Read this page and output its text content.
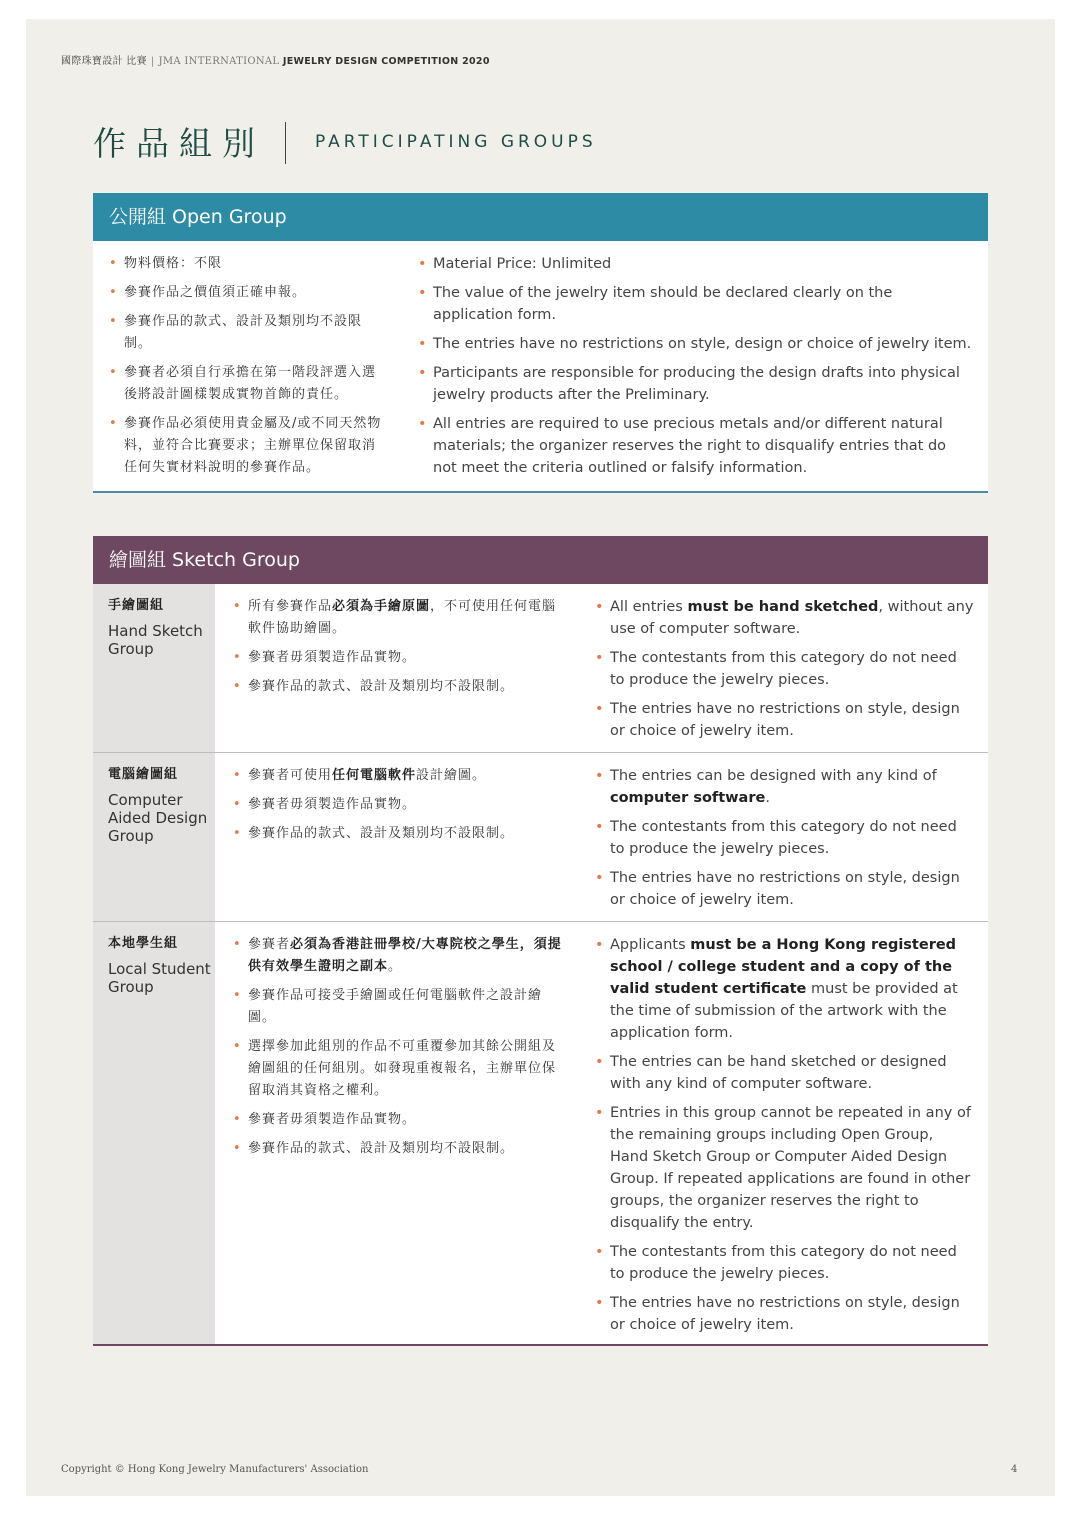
國際珠寶設計 比賽 | JMA INTERNATIONAL JEWELRY DESIGN COMPETITION 2020
作品組別	PARTICIPATING GROUPS
公開組 Open Group
• 物料價格：不限
• 參賽作品之價值須正確申報。
• 參賽作品的款式、設計及類別均不設限制。
• 參賽者必須自行承擔在第一階段評選入選後將設計圖樣製成實物首飾的責任。
• 參賽作品必須使用貴金屬及/或不同天然物料，並符合比賽要求；主辦單位保留取消任何失實材料說明的參賽作品。
• Material Price: Unlimited
• The value of the jewelry item should be declared clearly on the application form.
• The entries have no restrictions on style, design or choice of jewelry item.
• Participants are responsible for producing the design drafts into physical jewelry products after the Preliminary.
• All entries are required to use precious metals and/or different natural materials; the organizer reserves the right to disqualify entries that do not meet the criteria outlined or falsify information.
繪圖組 Sketch Group
手繪圖組
Hand Sketch Group
• 所有參賽作品必須為手繪原圖，不可使用任何電腦軟件協助繪圖。
• 參賽者毋須製造作品實物。
• 參賽作品的款式、設計及類別均不設限制。
• All entries must be hand sketched, without any use of computer software.
• The contestants from this category do not need to produce the jewelry pieces.
• The entries have no restrictions on style, design or choice of jewelry item.
電腦繪圖組
Computer Aided Design Group
• 參賽者可使用任何電腦軟件設計繪圖。
• 參賽者毋須製造作品實物。
• 參賽作品的款式、設計及類別均不設限制。
• The entries can be designed with any kind of computer software.
• The contestants from this category do not need to produce the jewelry pieces.
• The entries have no restrictions on style, design or choice of jewelry item.
本地學生組
Local Student Group
• 參賽者必須為香港註冊學校/大專院校之學生，須提供有效學生證明之副本。
• 參賽作品可接受手繪圖或任何電腦軟件之設計繪圖。
• 選擇參加此組別的作品不可重覆參加其餘公開組及繪圖組的任何組別。如發現重複報名，主辦單位保留取消其資格之權利。
• 參賽者毋須製造作品實物。
• 參賽作品的款式、設計及類別均不設限制。
• Applicants must be a Hong Kong registered school / college student and a copy of the valid student certificate must be provided at the time of submission of the artwork with the application form.
• The entries can be hand sketched or designed with any kind of computer software.
• Entries in this group cannot be repeated in any of the remaining groups including Open Group, Hand Sketch Group or Computer Aided Design Group. If repeated applications are found in other groups, the organizer reserves the right to disqualify the entry.
• The contestants from this category do not need to produce the jewelry pieces.
• The entries have no restrictions on style, design or choice of jewelry item.
Copyright © Hong Kong Jewelry Manufacturers' Association	4
